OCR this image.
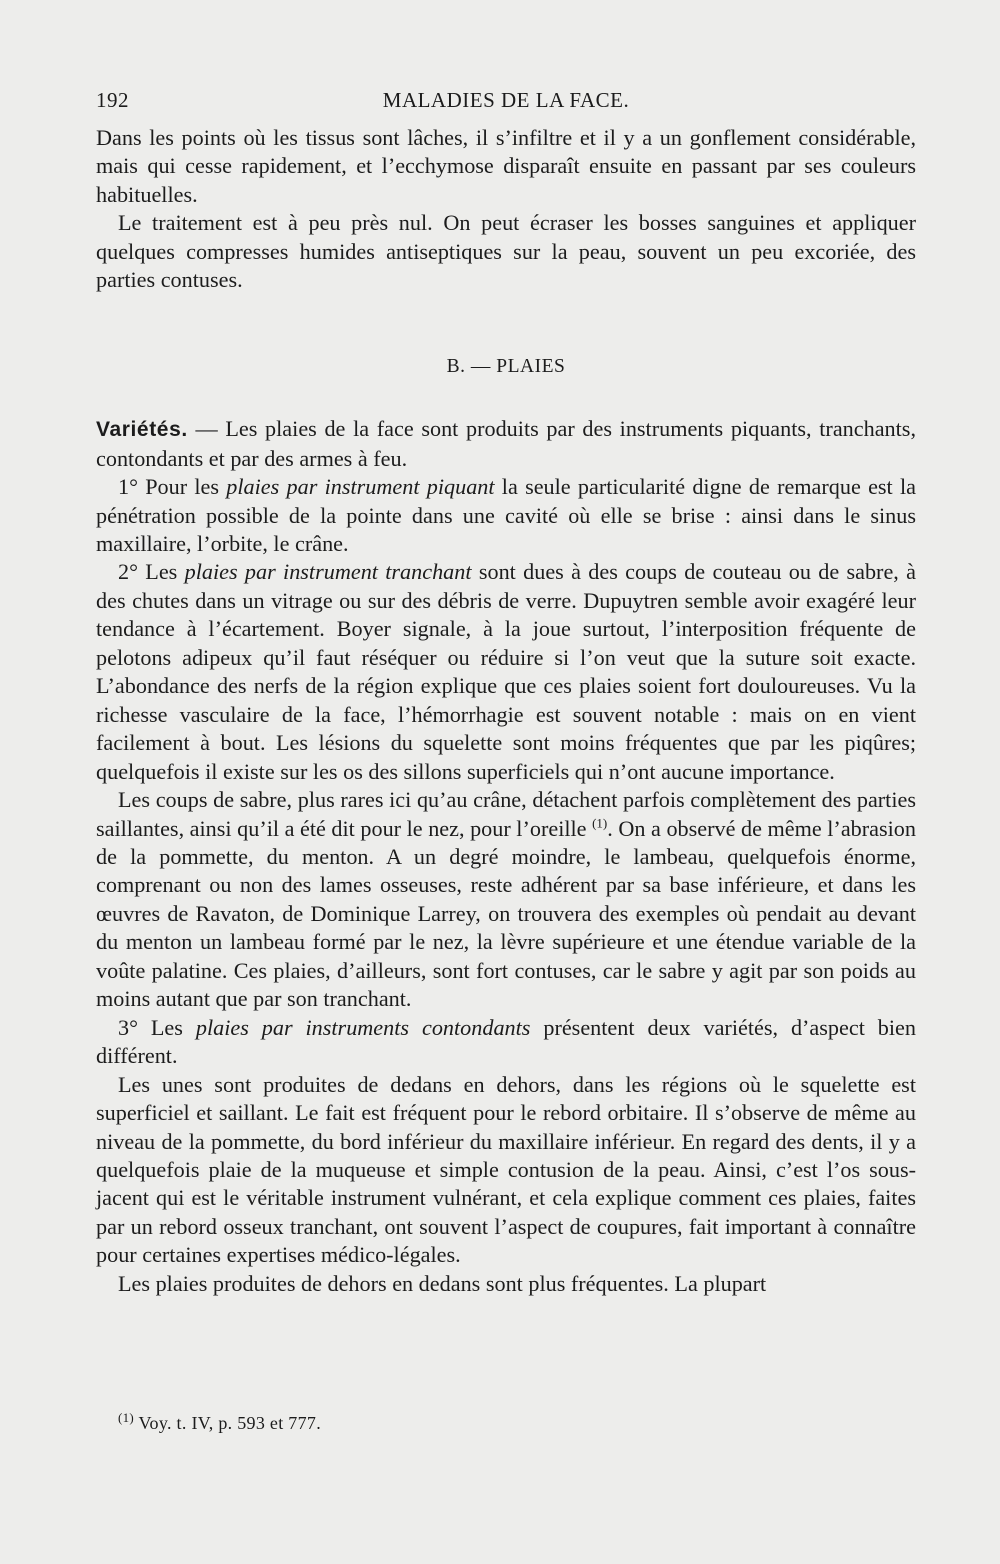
192	MALADIES DE LA FACE.

Dans les points où les tissus sont lâches, il s’infiltre et il y a un gonflement considérable, mais qui cesse rapidement, et l’ecchymose disparaît ensuite en passant par ses couleurs habituelles.

Le traitement est à peu près nul. On peut écraser les bosses sanguines et appliquer quelques compresses humides antiseptiques sur la peau, souvent un peu excoriée, des parties contuses.

B. — PLAIES

Variétés. — Les plaies de la face sont produits par des instruments piquants, tranchants, contondants et par des armes à feu.

1° Pour les plaies par instrument piquant la seule particularité digne de remarque est la pénétration possible de la pointe dans une cavité où elle se brise : ainsi dans le sinus maxillaire, l’orbite, le crâne.

2° Les plaies par instrument tranchant sont dues à des coups de couteau ou de sabre, à des chutes dans un vitrage ou sur des débris de verre. Dupuytren semble avoir exagéré leur tendance à l’écartement. Boyer signale, à la joue surtout, l’interposition fréquente de pelotons adipeux qu’il faut réséquer ou réduire si l’on veut que la suture soit exacte. L’abondance des nerfs de la région explique que ces plaies soient fort douloureuses. Vu la richesse vasculaire de la face, l’hémorrhagie est souvent notable : mais on en vient facilement à bout. Les lésions du squelette sont moins fréquentes que par les piqûres; quelquefois il existe sur les os des sillons superficiels qui n’ont aucune importance.

Les coups de sabre, plus rares ici qu’au crâne, détachent parfois complètement des parties saillantes, ainsi qu’il a été dit pour le nez, pour l’oreille $^{(1)}$. On a observé de même l’abrasion de la pommette, du menton. A un degré moindre, le lambeau, quelquefois énorme, comprenant ou non des lames osseuses, reste adhérent par sa base inférieure, et dans les œuvres de Ravaton, de Dominique Larrey, on trouvera des exemples où pendait au devant du menton un lambeau formé par le nez, la lèvre supérieure et une étendue variable de la voûte palatine. Ces plaies, d’ailleurs, sont fort contuses, car le sabre y agit par son poids au moins autant que par son tranchant.

3° Les plaies par instruments contondants présentent deux variétés, d’aspect bien différent.

Les unes sont produites de dedans en dehors, dans les régions où le squelette est superficiel et saillant. Le fait est fréquent pour le rebord orbitaire. Il s’observe de même au niveau de la pommette, du bord inférieur du maxillaire inférieur. En regard des dents, il y a quelquefois plaie de la muqueuse et simple contusion de la peau. Ainsi, c’est l’os sous-jacent qui est le véritable instrument vulnérant, et cela explique comment ces plaies, faites par un rebord osseux tranchant, ont souvent l’aspect de coupures, fait important à connaître pour certaines expertises médico-légales.

Les plaies produites de dehors en dedans sont plus fréquentes. La plupart

$^{(1)}$ Voy. t. IV, p. 593 et 777.
